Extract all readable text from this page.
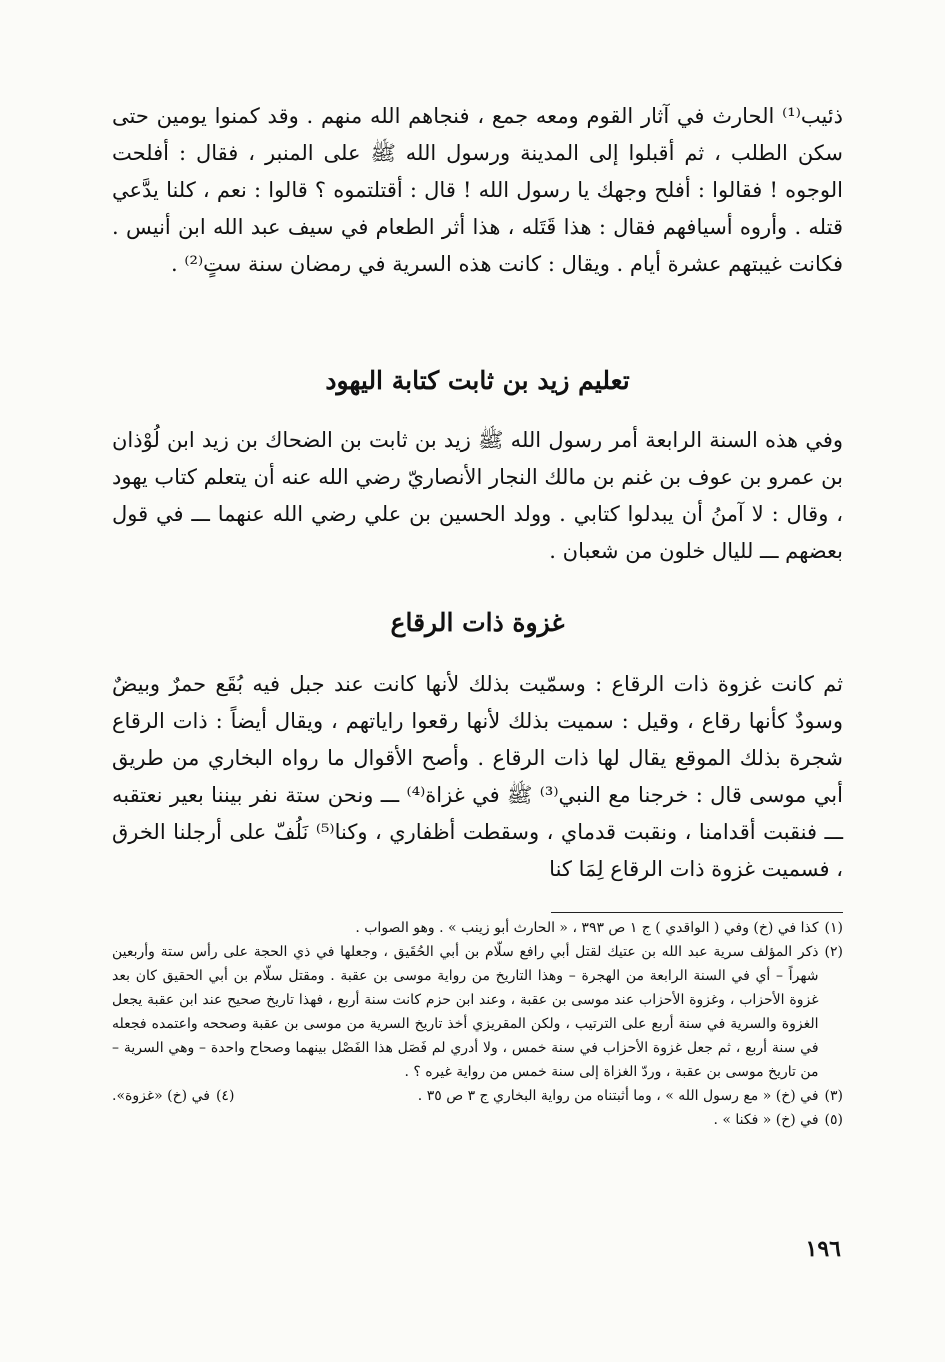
ذئيب⁽¹⁾ الحارث في آثار القوم ومعه جمع ، فنجاهم الله منهم . وقد كمنوا يومين حتى سكن الطلب ، ثم أقبلوا إلى المدينة ورسول الله ﷺ على المنبر ، فقال : أفلحت الوجوه ! فقالوا : أفلح وجهك يا رسول الله ! قال : أقتلتموه ؟ قالوا : نعم ، كلنا يدَّعي قتله . وأروه أسيافهم فقال : هذا قَتَله ، هذا أثر الطعام في سيف عبد الله ابن أنيس . فكانت غيبتهم عشرة أيام . ويقال : كانت هذه السرية في رمضان سنة ستٍ⁽²⁾ .

تعليم زيد بن ثابت كتابة اليهود

وفي هذه السنة الرابعة أمر رسول الله ﷺ زيد بن ثابت بن الضحاك بن زيد ابن لُوْذان بن عمرو بن عوف بن غنم بن مالك النجار الأنصاريّ رضي الله عنه أن يتعلم كتاب يهود ، وقال : لا آمنُ أن يبدلوا كتابي . وولد الحسين بن علي رضي الله عنهما ـــ في قول بعضهم ـــ لليال خلون من شعبان .

غزوة ذات الرقاع

ثم كانت غزوة ذات الرقاع : وسمّيت بذلك لأنها كانت عند جبل فيه بُقَع حمرٌ وبيضٌ وسودٌ كأنها رقاع ، وقيل : سميت بذلك لأنها رقعوا راياتهم ، ويقال أيضاً : ذات الرقاع شجرة بذلك الموقع يقال لها ذات الرقاع . وأصح الأقوال ما رواه البخاري من طريق أبي موسى قال : خرجنا مع النبي⁽³⁾ ﷺ في غزاة⁽⁴⁾ ـــ ونحن ستة نفر بيننا بعير نعتقبه ـــ فنقبت أقدامنا ، ونقبت قدماي ، وسقطت أظفاري ، وكنا⁽⁵⁾ نَلُفّ على أرجلنا الخرق ، فسميت غزوة ذات الرقاع لِمَا كنا

(١)
كذا في (خ) وفي ( الواقدي ) ج ١ ص ٣٩٣ ، « الحارث أبو زينب » . وهو الصواب .
(٢)
ذكر المؤلف سرية عبد الله بن عتيك لقتل أبي رافع سلّام بن أبي الحُقَيق ، وجعلها في ذي الحجة على رأس ستة وأربعين شهراً – أي في السنة الرابعة من الهجرة – وهذا التاريخ من رواية موسى بن عقبة . ومقتل سلّام بن أبي الحقيق كان بعد غزوة الأحزاب ، وغزوة الأحزاب عند موسى بن عقبة ، وعند ابن حزم كانت سنة أربع ، فهذا تاريخ صحيح عند ابن عقبة يجعل الغزوة والسرية في سنة أربع على الترتيب ، ولكن المقريزي أخذ تاريخ السرية من موسى بن عقبة وصححه واعتمده فجعله في سنة أربع ، ثم جعل غزوة الأحزاب في سنة خمس ، ولا أدري لم فَصَل هذا الفَصْل بينهما وصحاح واحدة – وهي السرية – من تاريخ موسى بن عقبة ، وردّ الغزاة إلى سنة خمس من رواية غيره ؟ .
(٣)
في (خ) « مع رسول الله » ، وما أثبتناه من رواية البخاري ج ٣ ص ٣٥ .
(٤)
في (خ) «غزوة».
(٥)
في (خ) « فكنا » .
١٩٦
